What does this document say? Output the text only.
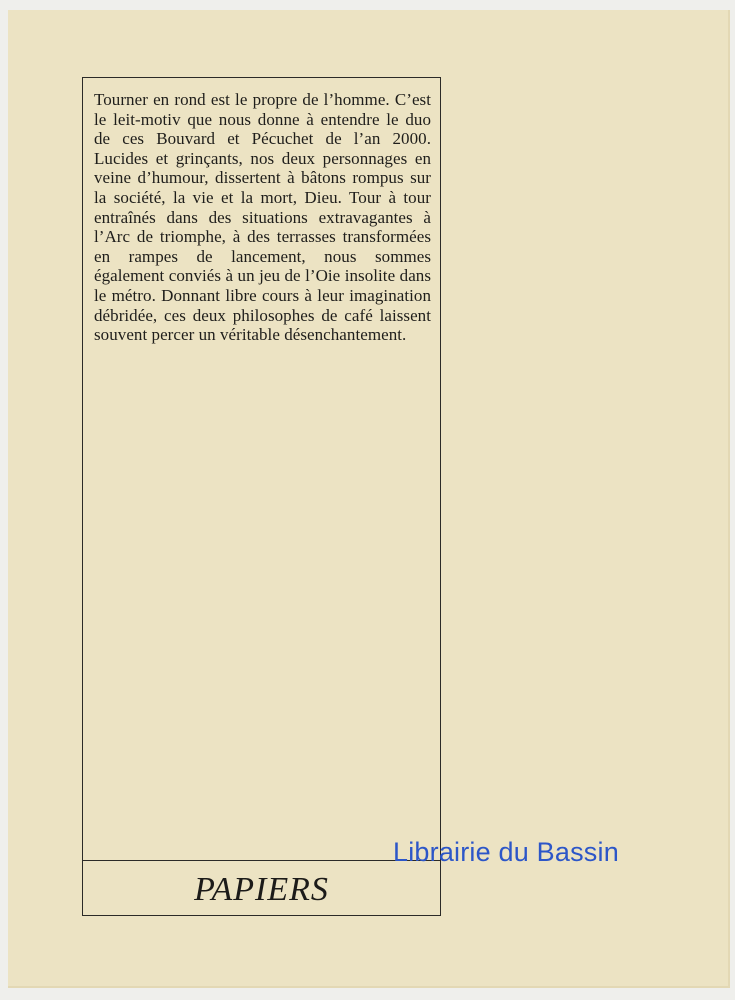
Tourner en rond est le propre de l’homme. C’est le leit-motiv que nous donne à entendre le duo de ces Bouvard et Pécuchet de l’an 2000. Lucides et grinçants, nos deux personnages en veine d’humour, dissertent à bâtons rompus sur la société, la vie et la mort, Dieu. Tour à tour entraînés dans des situations extravagantes à l’Arc de triomphe, à des terrasses transformées en rampes de lancement, nous sommes également conviés à un jeu de l’Oie insolite dans le métro. Donnant libre cours à leur imagination débridée, ces deux philosophes de café laissent souvent percer un véritable désenchantement.

PAPIERS
Librairie du Bassin
